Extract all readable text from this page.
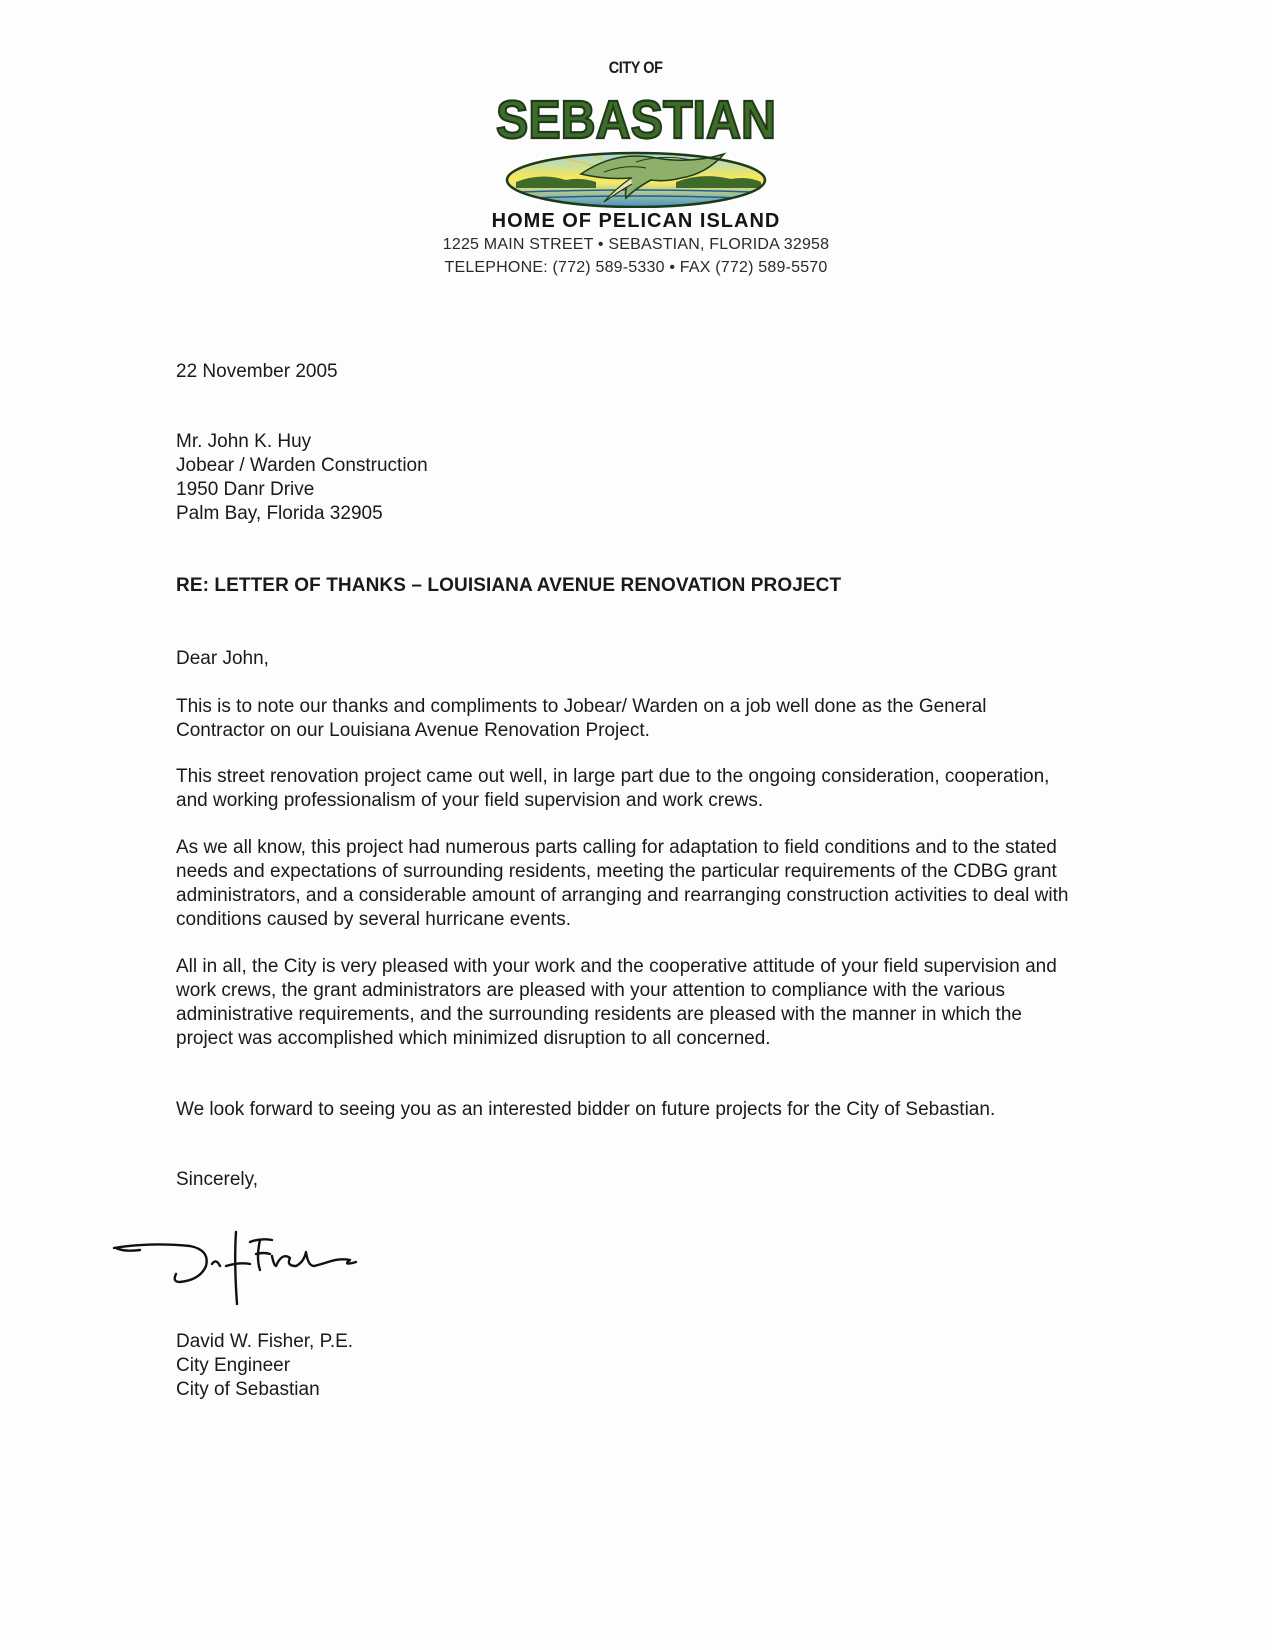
CITY OF
SEBASTIAN
HOME OF PELICAN ISLAND
1225 MAIN STREET • SEBASTIAN, FLORIDA 32958
TELEPHONE: (772) 589-5330 • FAX (772) 589-5570
22 November 2005
Mr. John K. Huy
Jobear / Warden Construction
1950 Danr Drive
Palm Bay, Florida 32905
RE: LETTER OF THANKS – LOUISIANA AVENUE RENOVATION PROJECT
Dear John,
This is to note our thanks and compliments to Jobear/ Warden on a job well done as the General Contractor on our Louisiana Avenue Renovation Project.
This street renovation project came out well, in large part due to the ongoing consideration, cooperation, and working professionalism of your field supervision and work crews.
As we all know, this project had numerous parts calling for adaptation to field conditions and to the stated needs and expectations of surrounding residents, meeting the particular requirements of the CDBG grant administrators, and a considerable amount of arranging and rearranging construction activities to deal with conditions caused by several hurricane events.
All in all, the City is very pleased with your work and the cooperative attitude of your field supervision and work crews, the grant administrators are pleased with your attention to compliance with the various administrative requirements, and the surrounding residents are pleased with the manner in which the project was accomplished which minimized disruption to all concerned.
We look forward to seeing you as an interested bidder on future projects for the City of Sebastian.
Sincerely,
David W. Fisher, P.E.
City Engineer
City of Sebastian
